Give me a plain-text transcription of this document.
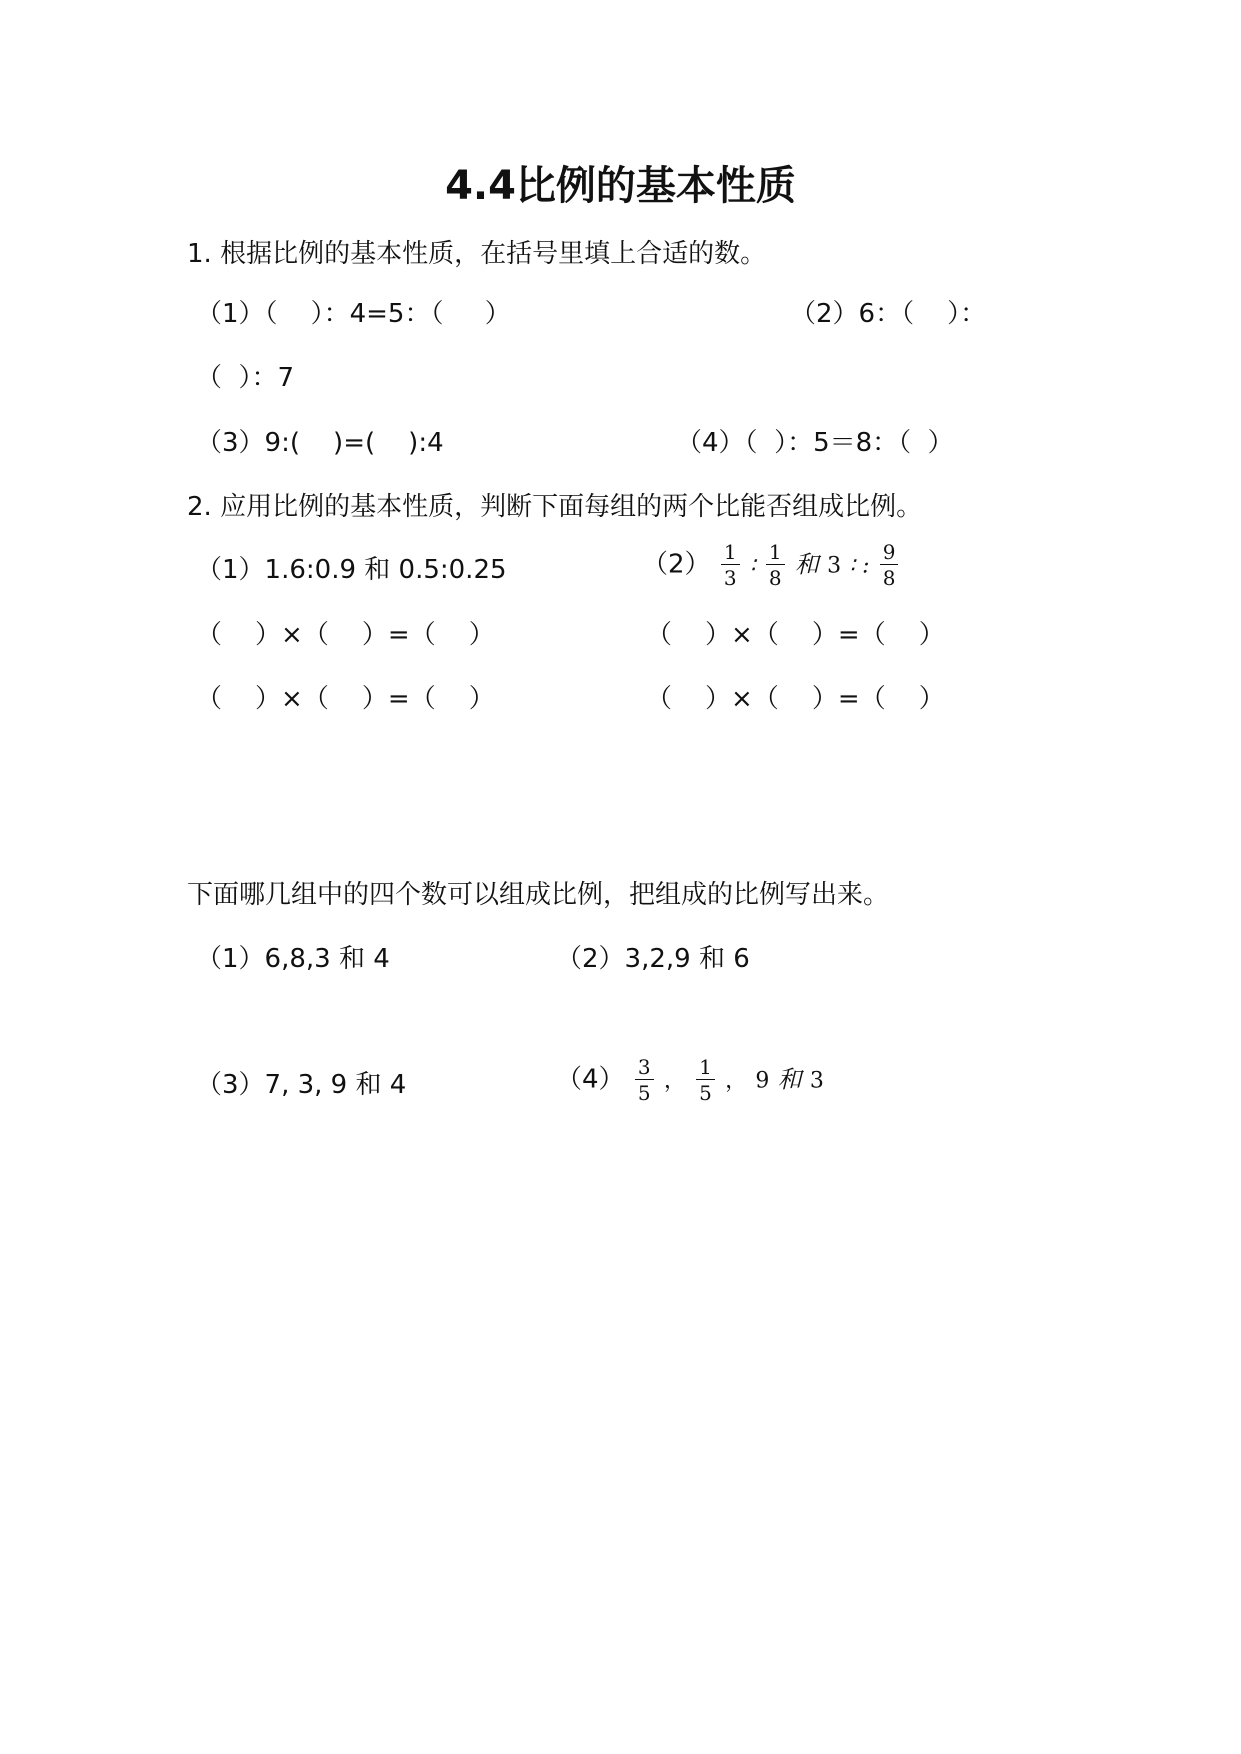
4.4比例的基本性质
1. 根据比例的基本性质，在括号里填上合适的数。
（1）（    ）：4=5：（     ）	（2）6：（    ）：
（  ）：7
（3）9:(    )=(    ):4	（4）（  ）：5＝8：（  ）
2. 应用比例的基本性质，判断下面每组的两个比能否组成比例。
（1）1.6:0.9 和 0.5:0.25	$(2) \frac{1}{3}$ ∶ $\frac{1}{8}$ 和 3 ∶ : $\frac{9}{8}$
（    ）×（    ）=（    ）	（    ）×（    ）=（    ）
（    ）×（    ）=（    ）	（    ）×（    ）=（    ）
下面哪几组中的四个数可以组成比例，把组成的比例写出来。
（1）6,8,3 和 4	（2）3,2,9 和 6
（3）7, 3, 9 和 4	$(4) \frac{3}{5}$ ， $\frac{1}{5}$ ， 9 和 3
